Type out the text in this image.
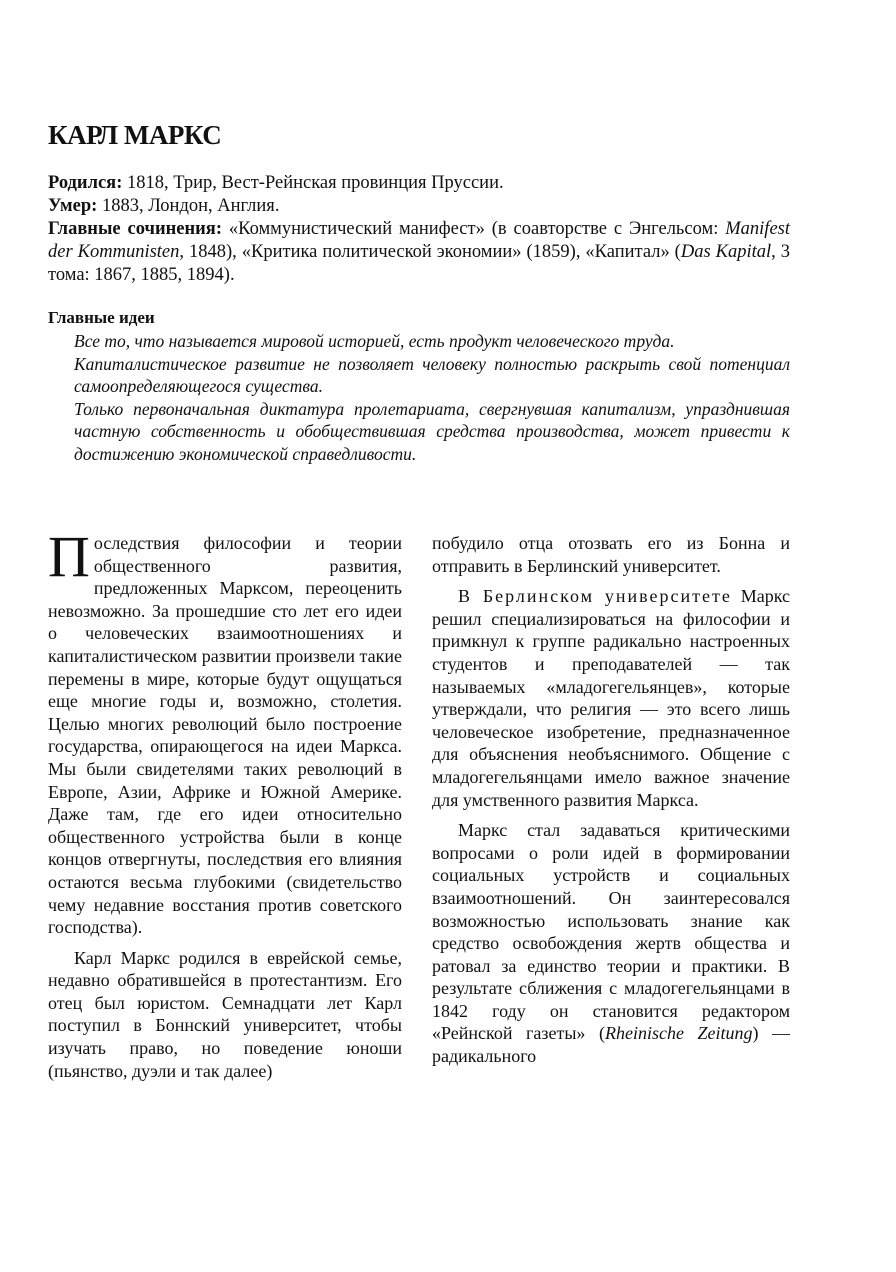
КАРЛ МАРКС

Родился: 1818, Трир, Вест-Рейнская провинция Пруссии.

Умер: 1883, Лондон, Англия.

Главные сочинения: «Коммунистический манифест» (в соавторстве с Энгельсом: Manifest der Kommunisten, 1848), «Критика политической экономии» (1859), «Капитал» (Das Kapital, 3 тома: 1867, 1885, 1894).

Главные идеи
Все то, что называется мировой историей, есть продукт человеческого труда.
Капиталистическое развитие не позволяет человеку полностью раскрыть свой потенциал самоопределяющегося существа.
Только первоначальная диктатура пролетариата, свергнувшая капитализм, упразднившая частную собственность и обобществившая средства производства, может привести к достижению экономической справедливости.

Последствия философии и теории общественного развития, предложенных Марксом, переоценить невозможно. За прошедшие сто лет его идеи о человеческих взаимоотношениях и капиталистическом развитии произвели такие перемены в мире, которые будут ощущаться еще многие годы и, возможно, столетия. Целью многих революций было построение государства, опирающегося на идеи Маркса. Мы были свидетелями таких революций в Европе, Азии, Африке и Южной Америке. Даже там, где его идеи относительно общественного устройства были в конце концов отвергнуты, последствия его влияния остаются весьма глубокими (свидетельство чему недавние восстания против советского господства).

Карл Маркс родился в еврейской семье, недавно обратившейся в протестантизм. Его отец был юристом. Семнадцати лет Карл поступил в Боннский университет, чтобы изучать право, но поведение юноши (пьянство, дуэли и так далее)

побудило отца отозвать его из Бонна и отправить в Берлинский университет.

В Берлинском университете Маркс решил специализироваться на философии и примкнул к группе радикально настроенных студентов и преподавателей — так называемых «младогегельянцев», которые утверждали, что религия — это всего лишь человеческое изобретение, предназначенное для объяснения необъяснимого. Общение с младогегельянцами имело важное значение для умственного развития Маркса.

Маркс стал задаваться критическими вопросами о роли идей в формировании социальных устройств и социальных взаимоотношений. Он заинтересовался возможностью использовать знание как средство освобождения жертв общества и ратовал за единство теории и практики. В результате сближения с младогегельянцами в 1842 году он становится редактором «Рейнской газеты» (Rheinische Zeitung) — радикального
